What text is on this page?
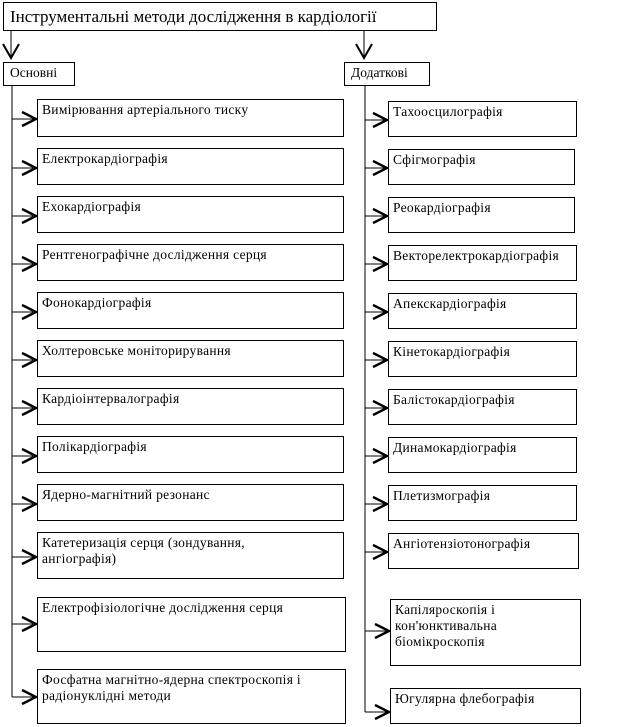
Інструментальні методи дослідження в кардіології
Основні	Додаткові
Вимірювання артеріального тиску
Електрокардіографія
Ехокардіографія
Рентгенографічне дослідження серця
Фонокардіографія
Холтеровське моніторирування
Кардіоінтервалографія
Полікардіографія
Ядерно-магнітний резонанс
Катетеризація серця (зондування,
ангіографія)
Електрофізіологічне дослідження серця
Фосфатна магнітно-ядерна спектроскопія і
радіонуклідні методи
Тахоосцилографія
Сфігмографія
Реокардіографія
Векторелектрокардіографія
Апекскардіографія
Кінетокардіографія
Балістокардіографія
Динамокардіографія
Плетизмографія
Ангіотензіотонографія
Капіляроскопія і
кон'юнктивальна
біомікроскопія
Югулярна флебографія
